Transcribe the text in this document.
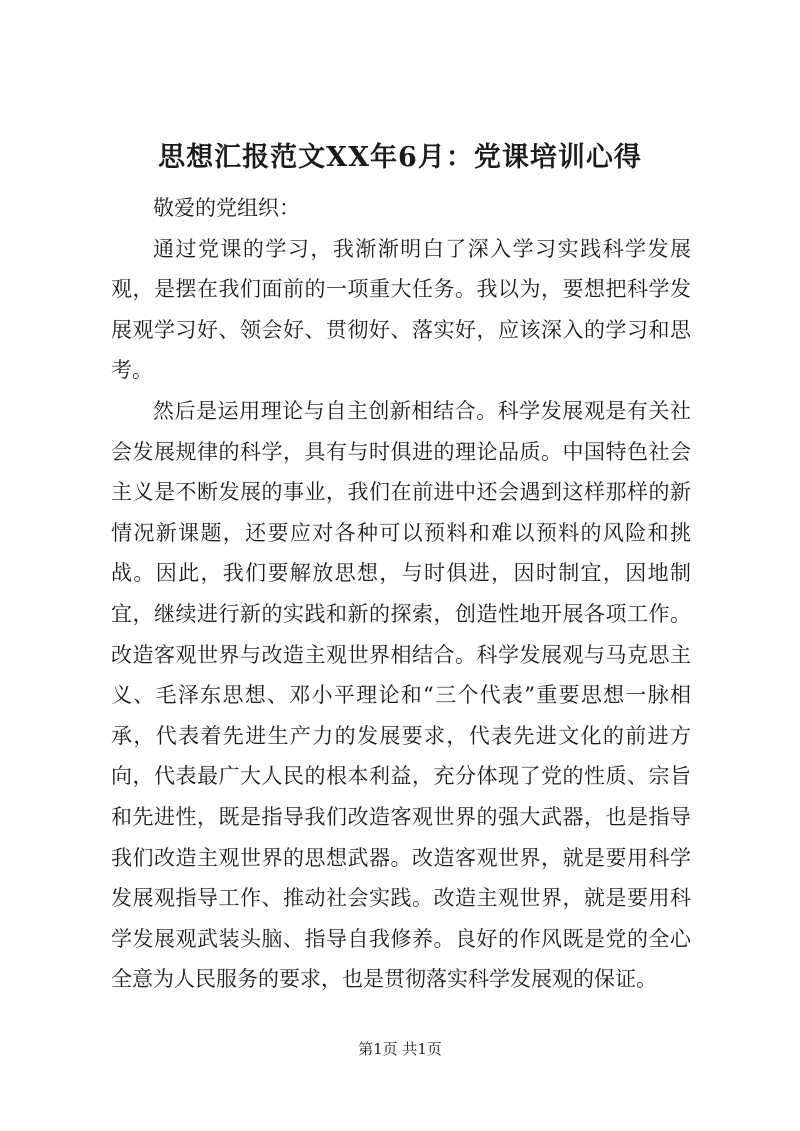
思想汇报范文XX年6月：党课培训心得

敬爱的党组织：

通过党课的学习，我渐渐明白了深入学习实践科学发展观，是摆在我们面前的一项重大任务。我以为，要想把科学发展观学习好、领会好、贯彻好、落实好，应该深入的学习和思考。

然后是运用理论与自主创新相结合。科学发展观是有关社会发展规律的科学，具有与时俱进的理论品质。中国特色社会主义是不断发展的事业，我们在前进中还会遇到这样那样的新情况新课题，还要应对各种可以预料和难以预料的风险和挑战。因此，我们要解放思想，与时俱进，因时制宜，因地制宜，继续进行新的实践和新的探索，创造性地开展各项工作。改造客观世界与改造主观世界相结合。科学发展观与马克思主义、毛泽东思想、邓小平理论和“三个代表”重要思想一脉相承，代表着先进生产力的发展要求，代表先进文化的前进方向，代表最广大人民的根本利益，充分体现了党的性质、宗旨和先进性，既是指导我们改造客观世界的强大武器，也是指导我们改造主观世界的思想武器。改造客观世界，就是要用科学发展观指导工作、推动社会实践。改造主观世界，就是要用科学发展观武装头脑、指导自我修养。良好的作风既是党的全心全意为人民服务的要求，也是贯彻落实科学发展观的保证。

第1页 共1页
